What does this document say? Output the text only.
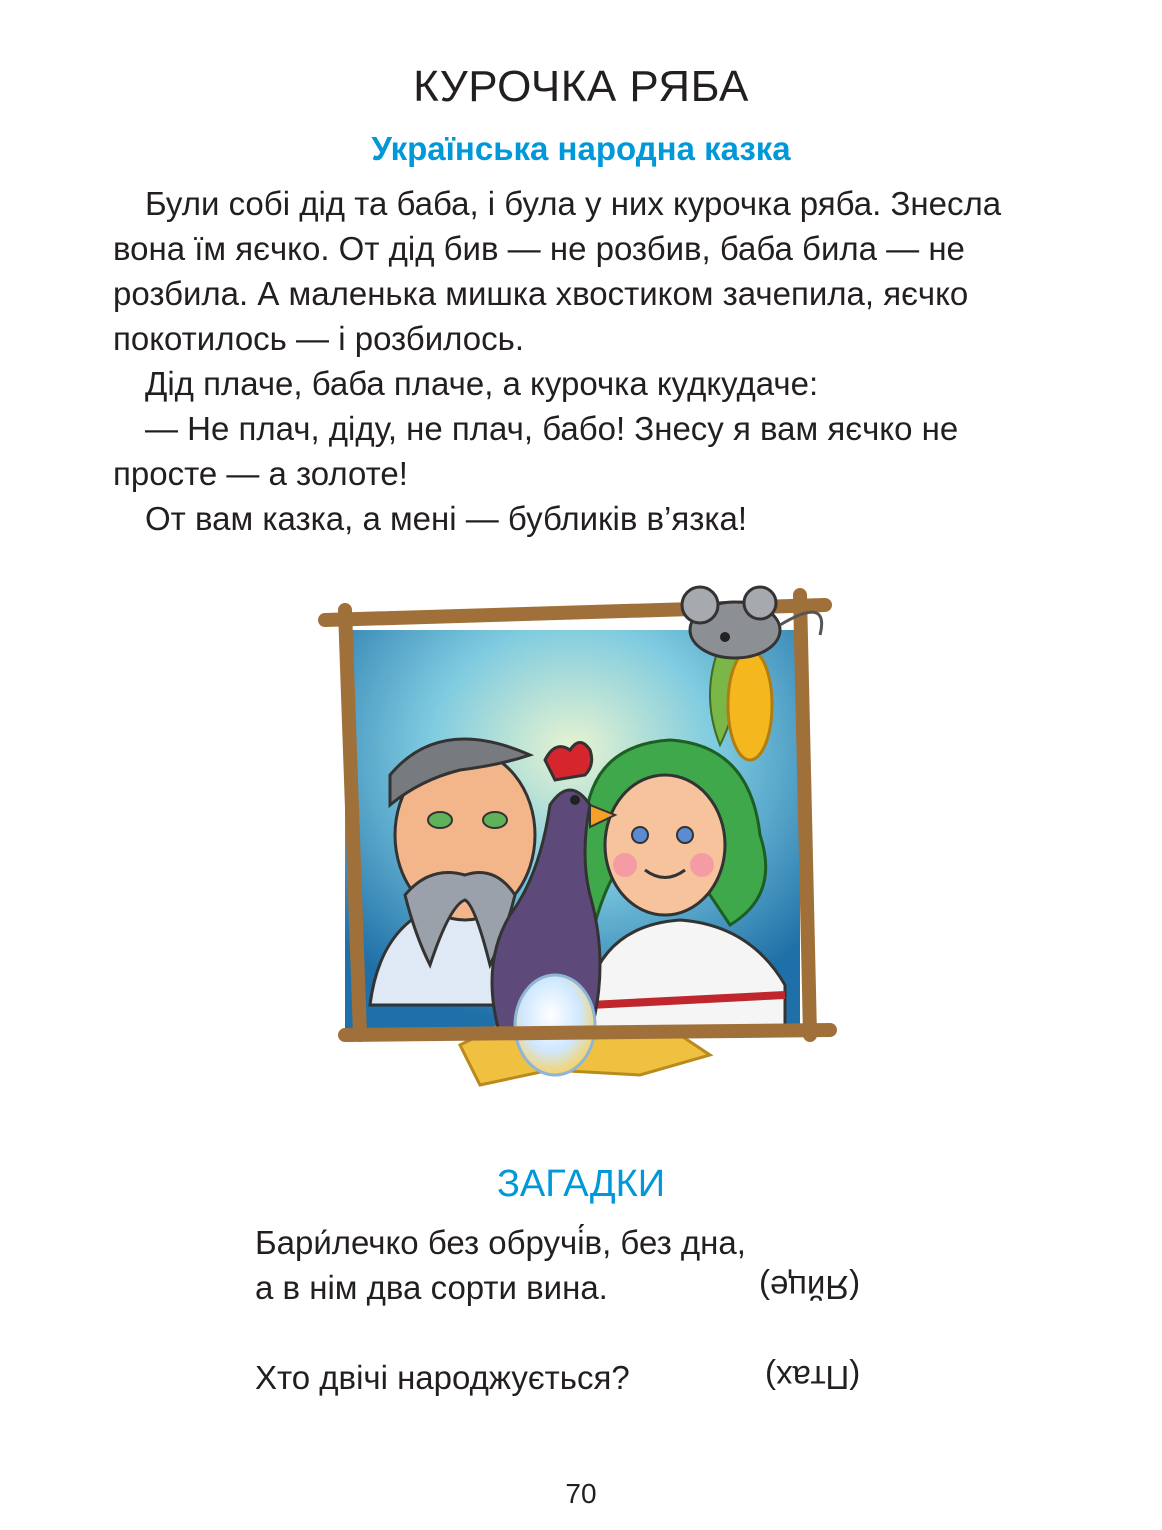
КУРОЧКА РЯБА
Українська народна казка

Були собі дід та баба, і була у них курочка ряба. Знесла вона їм яєчко. От дід бив — не розбив, баба била — не розбила. А маленька мишка хвостиком зачепила, яєчко покотилось — і розбилось.

Дід плаче, баба плаче, а курочка кудкудаче:

— Не плач, діду, не плач, бабо! Знесу я вам яєчко не просте — а золоте!

От вам казка, а мені — бубликів в’язка!

ЗАГАДКИ
Бари́лечко без обручі́в, без дна,
а в нім два сорти вина.	(Яйце)
Хто двічі народжується?	(Птах)
70
